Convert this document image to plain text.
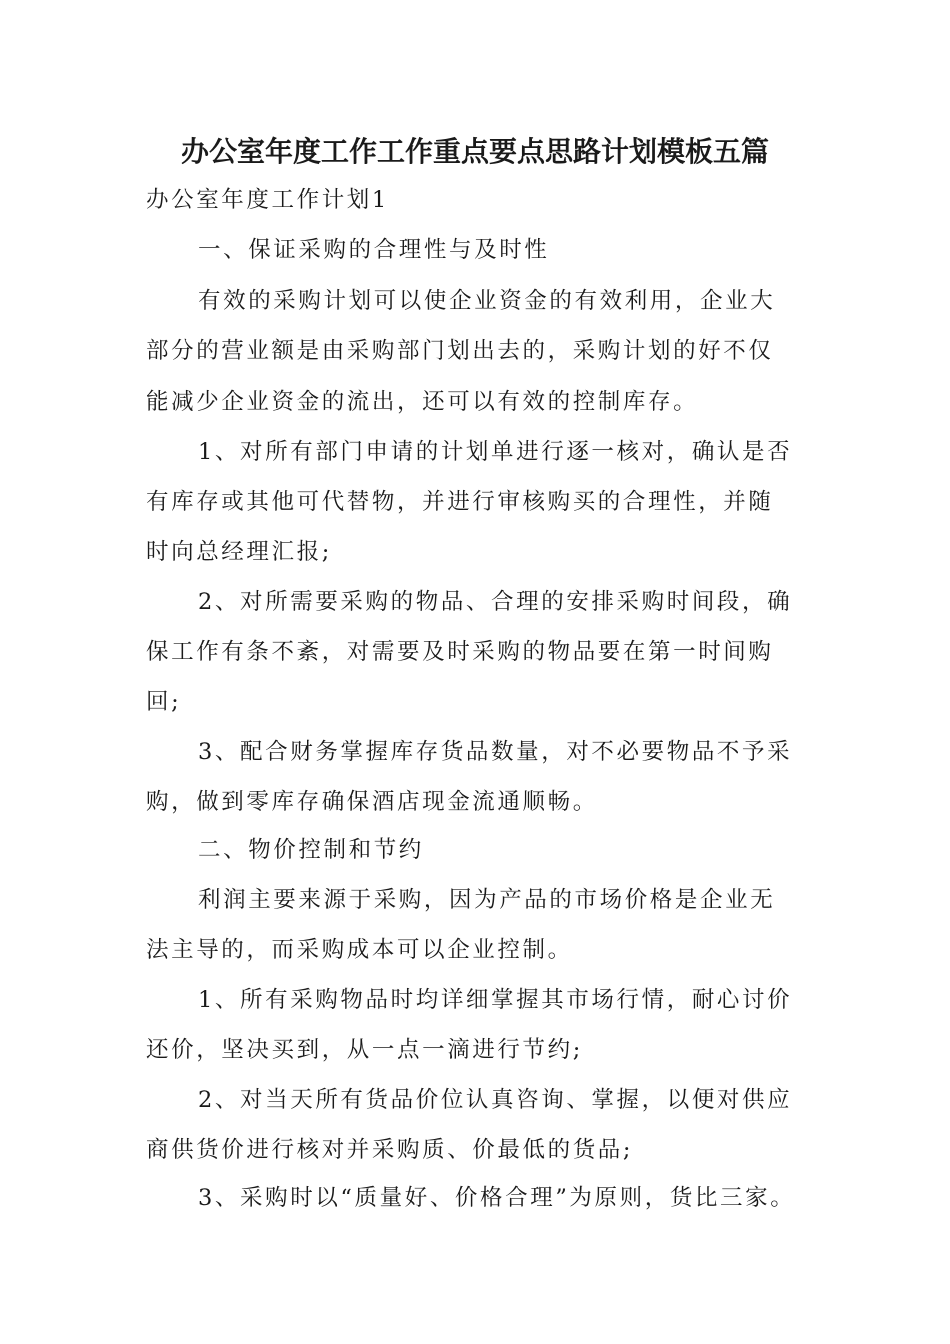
办公室年度工作工作重点要点思路计划模板五篇

办公室年度工作计划1

一、保证采购的合理性与及时性

有效的采购计划可以使企业资金的有效利用，企业大

部分的营业额是由采购部门划出去的，采购计划的好不仅

能减少企业资金的流出，还可以有效的控制库存。

1、对所有部门申请的计划单进行逐一核对，确认是否

有库存或其他可代替物，并进行审核购买的合理性，并随

时向总经理汇报;

2、对所需要采购的物品、合理的安排采购时间段，确

保工作有条不紊，对需要及时采购的物品要在第一时间购

回;

3、配合财务掌握库存货品数量，对不必要物品不予采

购，做到零库存确保酒店现金流通顺畅。

二、物价控制和节约

利润主要来源于采购，因为产品的市场价格是企业无

法主导的，而采购成本可以企业控制。

1、所有采购物品时均详细掌握其市场行情，耐心讨价

还价，坚决买到，从一点一滴进行节约;

2、对当天所有货品价位认真咨询、掌握，以便对供应

商供货价进行核对并采购质、价最低的货品;

3、采购时以“质量好、价格合理”为原则，货比三家。
